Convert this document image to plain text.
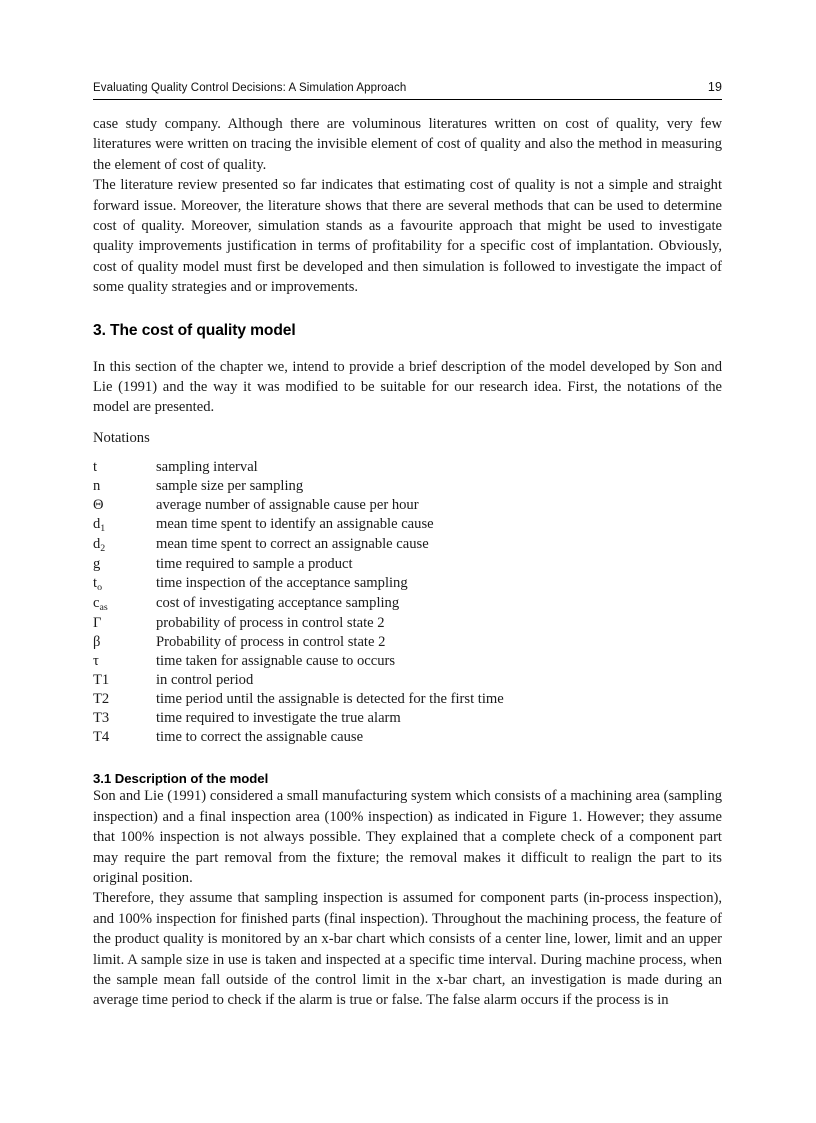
Evaluating Quality Control Decisions: A Simulation Approach	19

case study company. Although there are voluminous literatures written on cost of quality, very few literatures were written on tracing the invisible element of cost of quality and also the method in measuring the element of cost of quality.

The literature review presented so far indicates that estimating cost of quality is not a simple and straight forward issue. Moreover, the literature shows that there are several methods that can be used to determine cost of quality. Moreover, simulation stands as a favourite approach that might be used to investigate quality improvements justification in terms of profitability for a specific cost of implantation. Obviously, cost of quality model must first be developed and then simulation is followed to investigate the impact of some quality strategies and or improvements.

3. The cost of quality model

In this section of the chapter we, intend to provide a brief description of the model developed by Son and Lie (1991) and the way it was modified to be suitable for our research idea. First, the notations of the model are presented.

Notations
t	sampling interval
n	sample size per sampling
Θ	average number of assignable cause per hour
$d_1$	mean time spent to identify an assignable cause
$d_2$	mean time spent to correct an assignable cause
g	time required to sample a product
$t_o$	time inspection of the acceptance sampling
$c_{as}$	cost of investigating acceptance sampling
Γ	probability of process in control state 2
β	Probability of process in control state 2
τ	time taken for assignable cause to occurs
T1	in control period
T2	time period until the assignable is detected for the first time
T3	time required to investigate the true alarm
T4	time to correct the assignable cause
3.1 Description of the model

Son and Lie (1991) considered a small manufacturing system which consists of a machining area (sampling inspection) and a final inspection area (100% inspection) as indicated in Figure 1. However; they assume that 100% inspection is not always possible. They explained that a complete check of a component part may require the part removal from the fixture; the removal makes it difficult to realign the part to its original position.

Therefore, they assume that sampling inspection is assumed for component parts (in-process inspection), and 100% inspection for finished parts (final inspection). Throughout the machining process, the feature of the product quality is monitored by an x-bar chart which consists of a center line, lower, limit and an upper limit. A sample size in use is taken and inspected at a specific time interval. During machine process, when the sample mean fall outside of the control limit in the x-bar chart, an investigation is made during an average time period to check if the alarm is true or false. The false alarm occurs if the process is in
